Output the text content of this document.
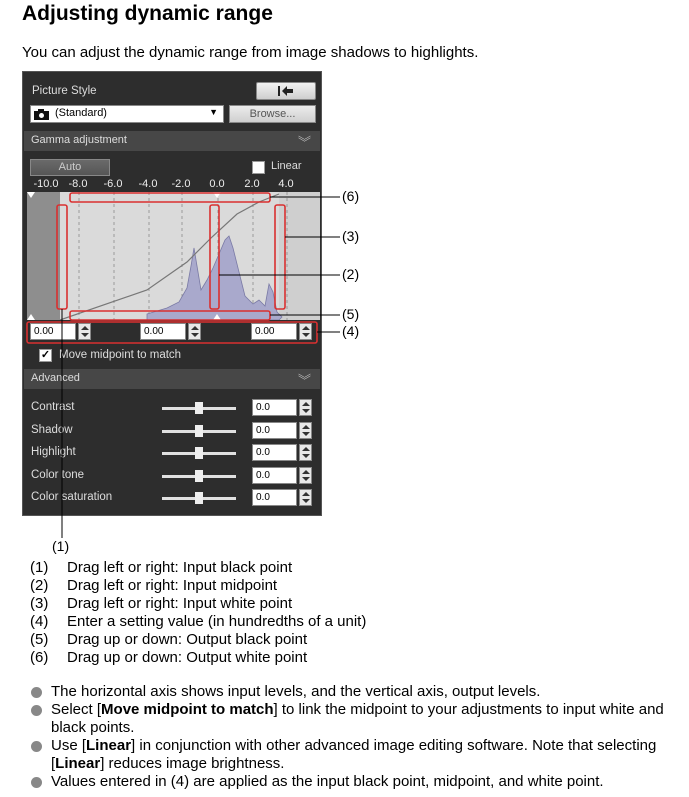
Adjusting dynamic range
You can adjust the dynamic range from image shadows to highlights.
Picture Style
(Standard)	▼	Browse...
Gamma adjustment	︾
Auto	Linear
-10.0 -8.0 -6.0 -4.0 -2.0 0.0 2.0 4.0
0.00	0.00	0.00
✓ Move midpoint to match
Advanced	︾
Contrast	0.0
Shadow	0.0
Highlight	0.0
Color tone	0.0
Color saturation	0.0
(6)
(3)
(2)
(5)
(4)
(1)
(1) Drag left or right: Input black point
(2) Drag left or right: Input midpoint
(3) Drag left or right: Input white point
(4) Enter a setting value (in hundredths of a unit)
(5) Drag up or down: Output black point
(6) Drag up or down: Output white point
The horizontal axis shows input levels, and the vertical axis, output levels.
Select [Move midpoint to match] to link the midpoint to your adjustments to input white and black points.
Use [Linear] in conjunction with other advanced image editing software. Note that selecting [Linear] reduces image brightness.
Values entered in (4) are applied as the input black point, midpoint, and white point.
